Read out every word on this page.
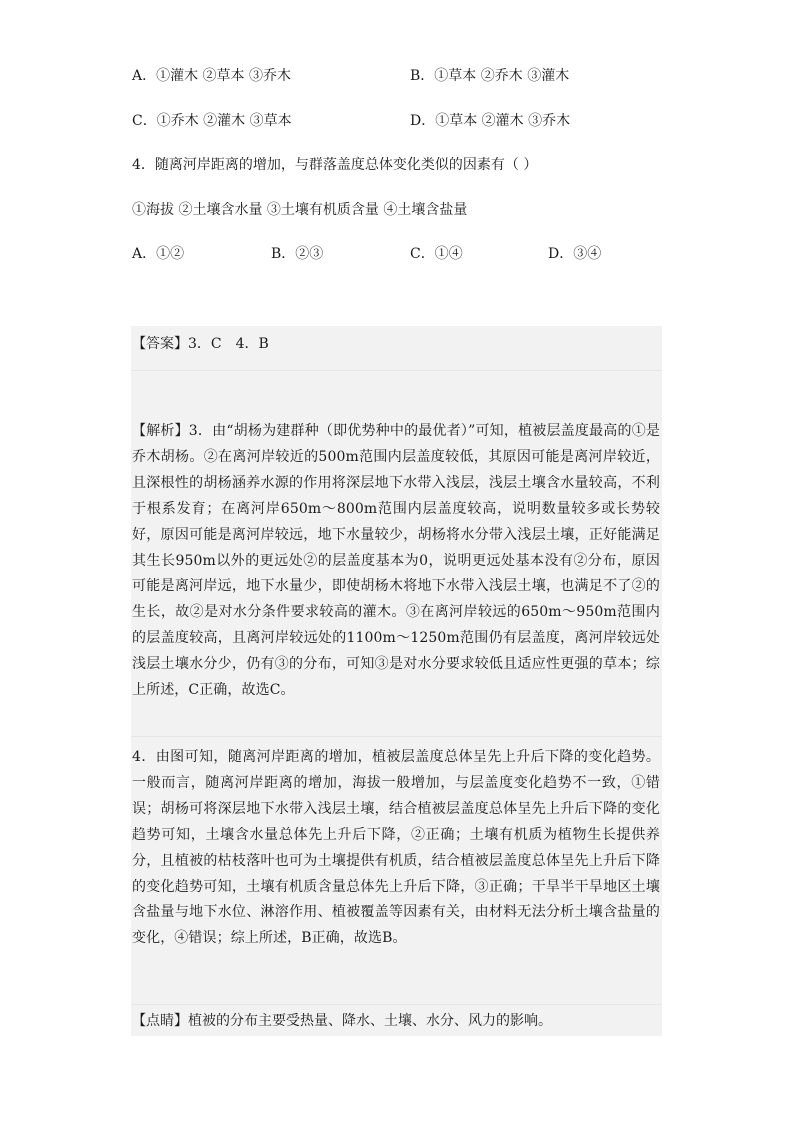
A．①灌木 ②草本 ③乔木	B．①草本 ②乔木 ③灌木
C．①乔木 ②灌木 ③草本	D．①草本 ②灌木 ③乔木
4．随离河岸距离的增加，与群落盖度总体变化类似的因素有（ ）
①海拔 ②土壤含水量 ③土壤有机质含量 ④土壤含盐量
A．①②	B．②③	C．①④	D．③④
【答案】3．C　4．B
【解析】3．由“胡杨为建群种（即优势种中的最优者）”可知，植被层盖度最高的①是乔木胡杨。②在离河岸较近的500m范围内层盖度较低，其原因可能是离河岸较近，且深根性的胡杨涵养水源的作用将深层地下水带入浅层，浅层土壤含水量较高，不利于根系发育；在离河岸650m～800m范围内层盖度较高，说明数量较多或长势较好，原因可能是离河岸较远，地下水量较少，胡杨将水分带入浅层土壤，正好能满足其生长950m以外的更远处②的层盖度基本为0，说明更远处基本没有②分布，原因可能是离河岸远，地下水量少，即使胡杨木将地下水带入浅层土壤，也满足不了②的生长，故②是对水分条件要求较高的灌木。③在离河岸较远的650m～950m范围内的层盖度较高，且离河岸较远处的1100m～1250m范围仍有层盖度，离河岸较远处浅层土壤水分少，仍有③的分布，可知③是对水分要求较低且适应性更强的草本；综上所述，C正确，故选C。
4．由图可知，随离河岸距离的增加，植被层盖度总体呈先上升后下降的变化趋势。一般而言，随离河岸距离的增加，海拔一般增加，与层盖度变化趋势不一致，①错误；胡杨可将深层地下水带入浅层土壤，结合植被层盖度总体呈先上升后下降的变化趋势可知，土壤含水量总体先上升后下降，②正确；土壤有机质为植物生长提供养分，且植被的枯枝落叶也可为土壤提供有机质，结合植被层盖度总体呈先上升后下降的变化趋势可知，土壤有机质含量总体先上升后下降，③正确；干旱半干旱地区土壤含盐量与地下水位、淋溶作用、植被覆盖等因素有关，由材料无法分析土壤含盐量的变化，④错误；综上所述，B正确，故选B。
【点睛】植被的分布主要受热量、降水、土壤、水分、风力的影响。
